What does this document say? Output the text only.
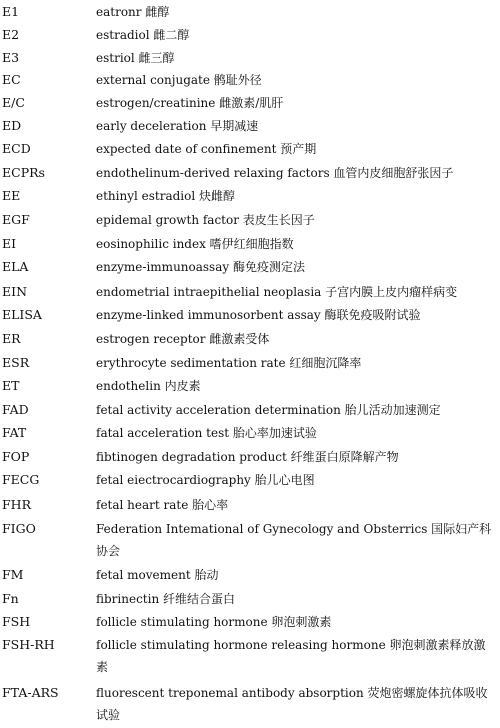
E1	eatronr 雌醇
E2	estradiol 雌二醇
E3	estriol 雌三醇
EC	external conjugate 鹘耻外径
E/C	estrogen/creatinine 雌激素/肌肝
ED	early deceleration 早期减速
ECD	expected date of confinement 预产期
ECPRs	endothelinum-derived relaxing factors 血管内皮细胞舒张因子
EE	ethinyl estradiol 炔雌醇
EGF	epidemal growth factor 表皮生长因子
EI	eosinophilic index 嗜伊红细胞指数
ELA	enzyme-immunoassay 酶免疫测定法
EIN	endometrial intraepithelial neoplasia 子宫内膜上皮内瘤样病变
ELISA	enzyme-linked immunosorbent assay 酶联免疫吸附试验
ER	estrogen receptor 雌激素受体
ESR	erythrocyte sedimentation rate 红细胞沉降率
ET	endothelin 内皮素
FAD	fetal activity acceleration determination 胎儿活动加速测定
FAT	fatal acceleration test 胎心率加速试验
FOP	fibtinogen degradation product 纤维蛋白原降解产物
FECG	fetal eiectrocardiography 胎儿心电图
FHR	fetal heart rate 胎心率
FIGO	Federation Intemational of Gynecology and Obsterrics 国际妇产科协会
FM	fetal movement 胎动
Fn	fibrinectin 纤维结合蛋白
FSH	follicle stimulating hormone 卵泡刺激素
FSH-RH	follicle stimulating hormone releasing hormone 卵泡刺激素释放激素
FTA-ARS	fluorescent treponemal antibody absorption 荧炮密螺旋体抗体吸收试验
